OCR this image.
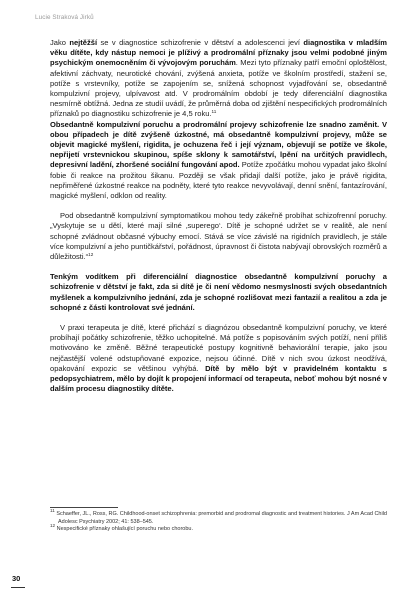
Lucie Straková Jirků

Jako nejtěžší se v diagnostice schizofrenie v dětství a adolescenci jeví diagnostika v mladším věku dítěte, kdy nástup nemoci je plíživý a prodromální příznaky jsou velmi podobné jiným psychickým onemocněním či vývojovým poruchám. Mezi tyto příznaky patří emoční oploštělost, afektivní záchvaty, neurotické chování, zvýšená anxieta, potíže ve školním prostředí, stažení se, potíže s vrstevníky, potíže se zapojením se, snížená schopnost vyjadřování se, obsedantně kompulzivní projevy, ulpívavost atd. V prodromálním období je tedy diferenciální diagnostika nesmírně obtížná. Jedna ze studií uvádí, že průměrná doba od zjištění nespecifických prodromálních příznaků po diagnostiku schizofrenie je 4,5 roku.$^{11}$
Obsedantně kompulzivní poruchu a prodromální projevy schizofrenie lze snadno zaměnit. V obou případech je dítě zvýšeně úzkostné, má obsedantně kompulzivní projevy, může se objevit magické myšlení, rigidita, je ochuzena řeč i její význam, objevují se potíže ve škole, nepřijetí vrstevnickou skupinou, spíše sklony k samotářství, lpění na určitých pravidlech, depresivní ladění, zhoršené sociální fungování apod. Potíže zpočátku mohou vypadat jako školní fobie či reakce na prožitou šikanu. Později se však přidají další potíže, jako je právě rigidita, nepřiměřené úzkostné reakce na podněty, které tyto reakce nevyvolávají, denní snění, fantazírování, magické myšlení, odklon od reality.

Pod obsedantně kompulzivní symptomatikou mohou tedy zákeřně probíhat schizofrenní poruchy. „Vyskytuje se u dětí, které mají silné ‚superego‘. Dítě je schopné udržet se v realitě, ale není schopné zvládnout občasné výbuchy emocí. Stává se více závislé na rigidních pravidlech, je stále více kompulzivní a jeho puntičkářství, pořádnost, úpravnost či čistota nabývají obrovských rozměrů a důležitosti.“$^{12}$

Tenkým vodítkem při diferenciální diagnostice obsedantně kompulzivní poruchy a schizofrenie v dětství je fakt, zda si dítě je či není vědomo nesmyslnosti svých obsedantních myšlenek a kompulzivního jednání, zda je schopné rozlišovat mezi fantazií a realitou a zda je schopné z části kontrolovat své jednání.

V praxi terapeuta je dítě, které přichází s diagnózou obsedantně kompulzivní poruchy, ve které probíhají počátky schizofrenie, těžko uchopitelné. Má potíže s popisováním svých potíží, není příliš motivováno ke změně. Běžné terapeutické postupy kognitivně behaviorální terapie, jako jsou nejčastější volené odstupňované expozice, nejsou účinné. Dítě v nich svou úzkost neodžívá, opakování expozic se většinou vyhýbá. Dítě by mělo být v pravidelném kontaktu s pedopsychiatrem, mělo by dojít k propojení informací od terapeuta, neboť mohou být nosné v dalším procesu diagnostiky dítěte.

$^{11}$ Schaeffer, JL., Ross, RG. Childhood-onset schizophrenia: premorbid and prodromal diagnostic and treatment histories. J Am Acad Child Adolesc Psychiatry 2002; 41: 538–545.
$^{12}$ Nespecifické příznaky ohlašující poruchu nebo chorobu.
30
